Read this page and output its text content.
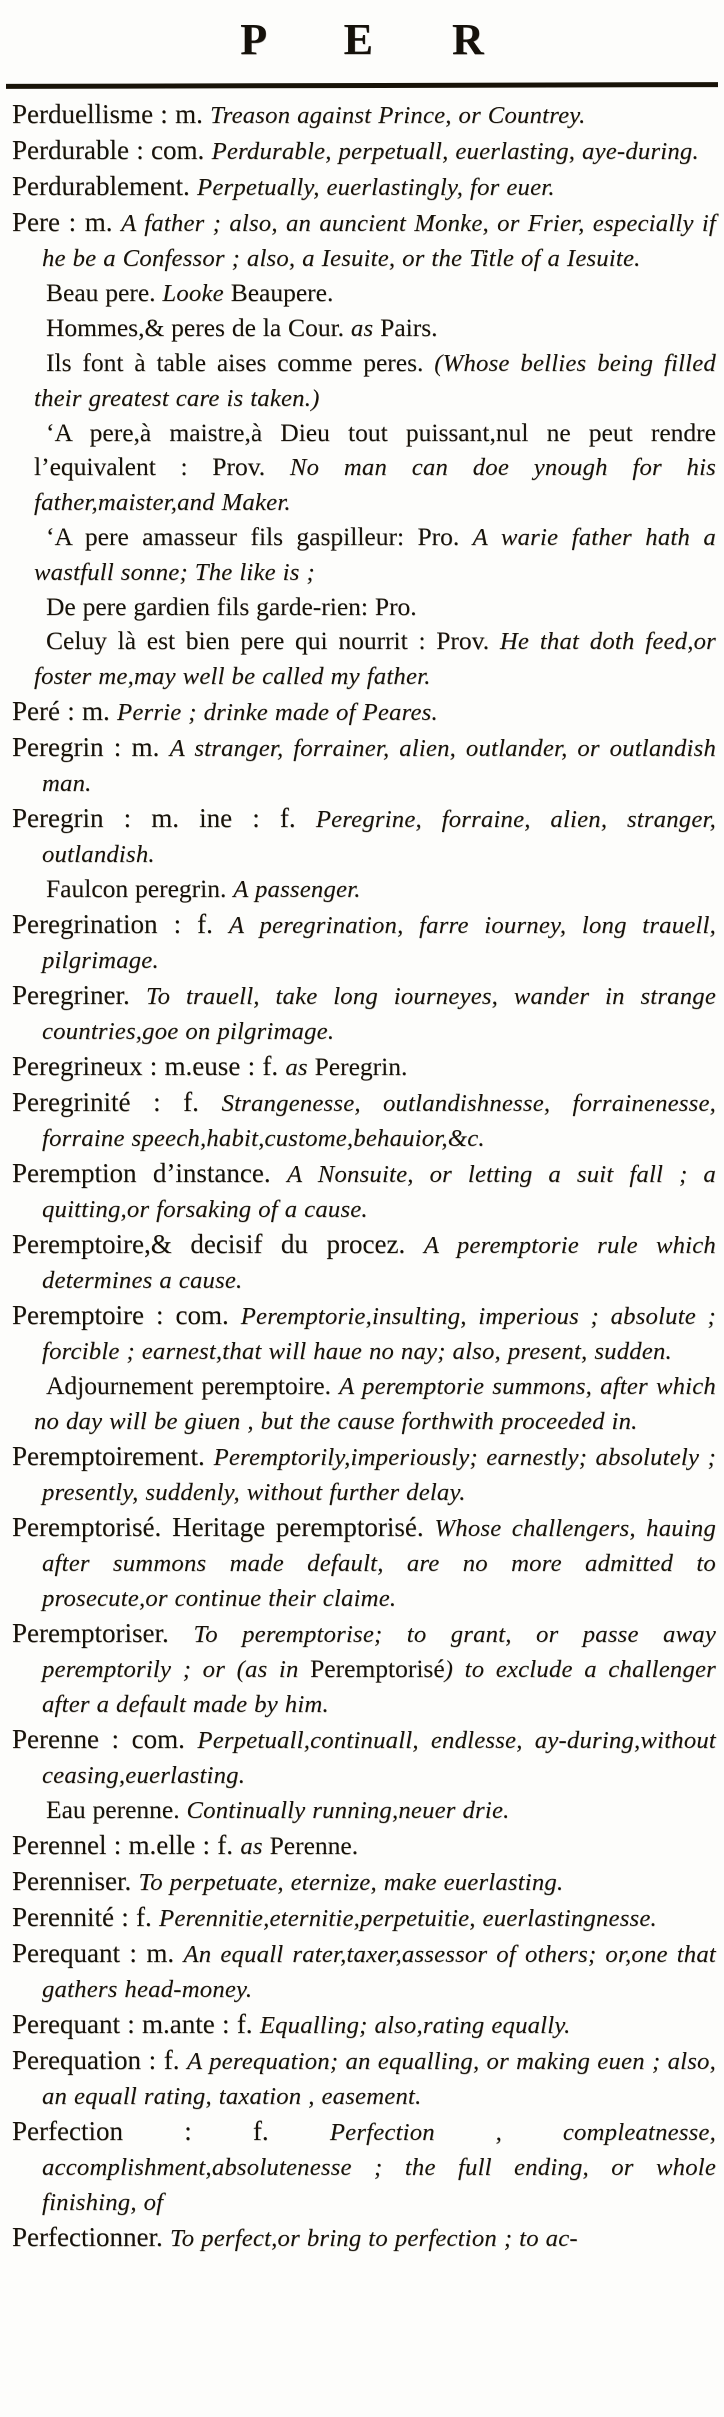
P E R

Perduellisme : m. Treason against Prince, or Countrey.

Perdurable : com. Perdurable, perpetuall, euerlasting, aye-during.

Perdurablement. Perpetually, euerlastingly, for euer.

Pere : m. A father ; also, an auncient Monke, or Frier, especially if he be a Confessor ; also, a Iesuite, or the Title of a Iesuite.

Beau pere. Looke Beaupere.

Hommes,& peres de la Cour. as Pairs.

Ils font à table aises comme peres. (Whose bellies being filled their greatest care is taken.)

‘A pere,à maistre,à Dieu tout puissant,nul ne peut rendre l’equivalent : Prov. No man can doe ynough for his father,maister,and Maker.

‘A pere amasseur fils gaspilleur: Pro. A warie father hath a wastfull sonne; The like is ;

De pere gardien fils garde-rien: Pro.

Celuy là est bien pere qui nourrit : Prov. He that doth feed,or foster me,may well be called my father.

Peré : m. Perrie ; drinke made of Peares.

Peregrin : m. A stranger, forrainer, alien, outlander, or outlandish man.

Peregrin : m. ine : f. Peregrine, forraine, alien, stranger, outlandish.

Faulcon peregrin. A passenger.

Peregrination : f. A peregrination, farre iourney, long trauell, pilgrimage.

Peregriner. To trauell, take long iourneyes, wander in strange countries,goe on pilgrimage.

Peregrineux : m.euse : f. as Peregrin.

Peregrinité : f. Strangenesse, outlandishnesse, forrainenesse, forraine speech,habit,custome,behauior,&c.

Peremption d’instance. A Nonsuite, or letting a suit fall ; a quitting,or forsaking of a cause.

Peremptoire,& decisif du procez. A peremptorie rule which determines a cause.

Peremptoire : com. Peremptorie,insulting, imperious ; absolute ; forcible ; earnest,that will haue no nay; also, present, sudden.

Adjournement peremptoire. A peremptorie summons, after which no day will be giuen , but the cause forthwith proceeded in.

Peremptoirement. Peremptorily,imperiously; earnestly; absolutely ; presently, suddenly, without further delay.

Peremptorisé. Heritage peremptorisé. Whose challengers, hauing after summons made default, are no more admitted to prosecute,or continue their claime.

Peremptoriser. To peremptorise; to grant, or passe away peremptorily ; or (as in Peremptorisé) to exclude a challenger after a default made by him.

Perenne : com. Perpetuall,continuall, endlesse, ay-during,without ceasing,euerlasting.

Eau perenne. Continually running,neuer drie.

Perennel : m.elle : f. as Perenne.

Perenniser. To perpetuate, eternize, make euerlasting.

Perennité : f. Perennitie,eternitie,perpetuitie, euerlastingnesse.

Perequant : m. An equall rater,taxer,assessor of others; or,one that gathers head-money.

Perequant : m.ante : f. Equalling; also,rating equally.

Perequation : f. A perequation; an equalling, or making euen ; also, an equall rating, taxation , easement.

Perfection : f. Perfection , compleatnesse, accomplishment,absolutenesse ; the full ending, or whole finishing, of

Perfectionner. To perfect,or bring to perfection ; to ac-
